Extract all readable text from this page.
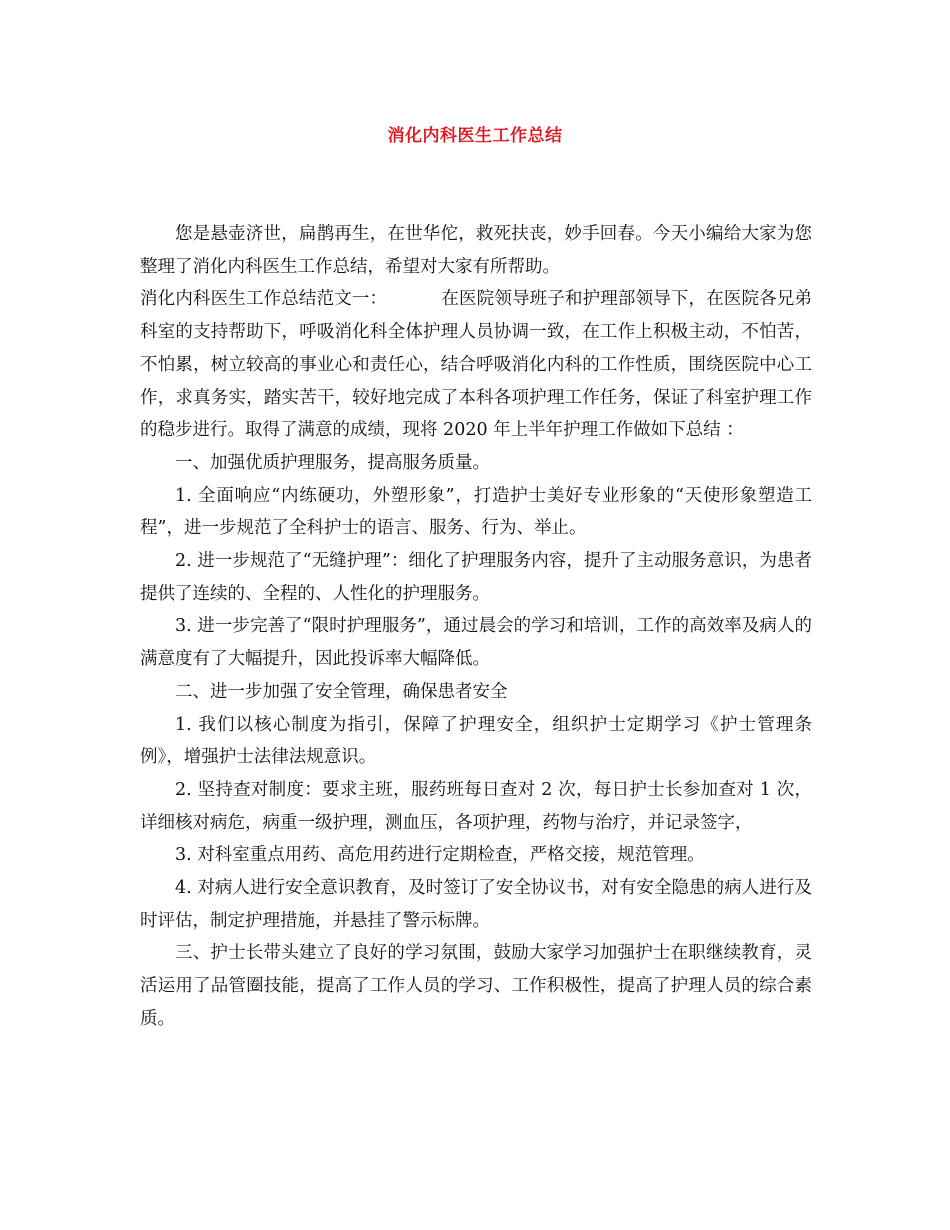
消化内科医生工作总结

您是悬壶济世，扁鹊再生，在世华佗，救死扶丧，妙手回春。今天小编给大家为您整理了消化内科医生工作总结，希望对大家有所帮助。

消化内科医生工作总结范文一：	在医院领导班子和护理部领导下，在医院各兄弟科室的支持帮助下，呼吸消化科全体护理人员协调一致，在工作上积极主动，不怕苦，不怕累，树立较高的事业心和责任心，结合呼吸消化内科的工作性质，围绕医院中心工作，求真务实，踏实苦干，较好地完成了本科各项护理工作任务，保证了科室护理工作的稳步进行。取得了满意的成绩，现将 2020 年上半年护理工作做如下总结 ：

一、加强优质护理服务，提高服务质量。

1. 全面响应“内练硬功，外塑形象”，打造护士美好专业形象的“天使形象塑造工程”，进一步规范了全科护士的语言、服务、行为、举止。

2. 进一步规范了“无缝护理”：细化了护理服务内容，提升了主动服务意识，为患者提供了连续的、全程的、人性化的护理服务。

3. 进一步完善了“限时护理服务”，通过晨会的学习和培训，工作的高效率及病人的满意度有了大幅提升，因此投诉率大幅降低。

二、进一步加强了安全管理，确保患者安全

1. 我们以核心制度为指引，保障了护理安全，组织护士定期学习《护士管理条例》，增强护士法律法规意识。

2. 坚持查对制度：要求主班，服药班每日查对 2 次，每日护士长参加查对 1 次，详细核对病危，病重一级护理，测血压，各项护理，药物与治疗，并记录签字，

3. 对科室重点用药、高危用药进行定期检查，严格交接，规范管理。

4. 对病人进行安全意识教育，及时签订了安全协议书，对有安全隐患的病人进行及时评估，制定护理措施，并悬挂了警示标牌。

三、护士长带头建立了良好的学习氛围，鼓励大家学习加强护士在职继续教育，灵活运用了品管圈技能，提高了工作人员的学习、工作积极性，提高了护理人员的综合素质。
